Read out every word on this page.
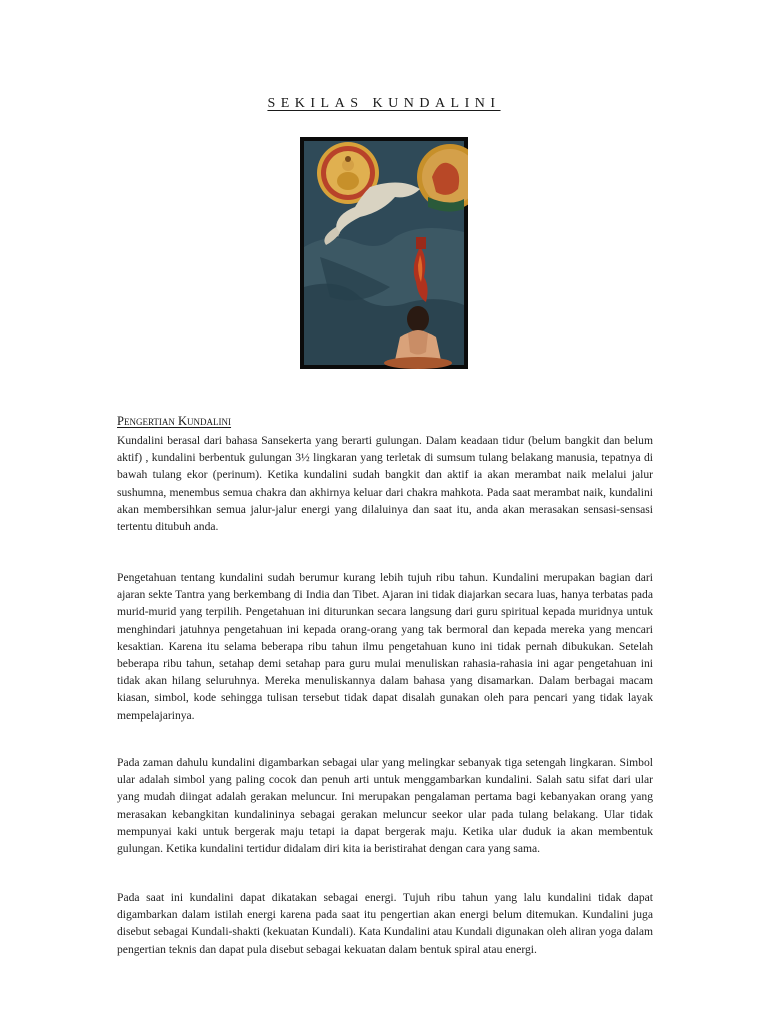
SEKILAS KUNDALINI
Pengertian Kundalini

Kundalini berasal dari bahasa Sansekerta yang berarti gulungan. Dalam keadaan tidur (belum bangkit dan belum aktif) , kundalini berbentuk gulungan 3½ lingkaran yang terletak di sumsum tulang belakang manusia, tepatnya di bawah tulang ekor (perinum). Ketika kundalini sudah bangkit dan aktif ia akan merambat naik melalui jalur sushumna, menembus semua chakra dan akhirnya keluar dari chakra mahkota. Pada saat merambat naik, kundalini akan membersihkan semua jalur-jalur energi yang dilaluinya dan saat itu, anda akan merasakan sensasi-sensasi tertentu ditubuh anda.

Pengetahuan tentang kundalini sudah berumur kurang lebih tujuh ribu tahun. Kundalini merupakan bagian dari ajaran sekte Tantra yang berkembang di India dan Tibet. Ajaran ini tidak diajarkan secara luas, hanya terbatas pada murid-murid yang terpilih. Pengetahuan ini diturunkan secara langsung dari guru spiritual kepada muridnya untuk menghindari jatuhnya pengetahuan ini kepada orang-orang yang tak bermoral dan kepada mereka yang mencari kesaktian. Karena itu selama beberapa ribu tahun ilmu pengetahuan kuno ini tidak pernah dibukukan. Setelah beberapa ribu tahun, setahap demi setahap para guru mulai menuliskan rahasia-rahasia ini agar pengetahuan ini tidak akan hilang seluruhnya. Mereka menuliskannya dalam bahasa yang disamarkan. Dalam berbagai macam kiasan, simbol, kode sehingga tulisan tersebut tidak dapat disalah gunakan oleh para pencari yang tidak layak mempelajarinya.

Pada zaman dahulu kundalini digambarkan sebagai ular yang melingkar sebanyak tiga setengah lingkaran. Simbol ular adalah simbol yang paling cocok dan penuh arti untuk menggambarkan kundalini. Salah satu sifat dari ular yang mudah diingat adalah gerakan meluncur. Ini merupakan pengalaman pertama bagi kebanyakan orang yang merasakan kebangkitan kundalininya sebagai gerakan meluncur seekor ular pada tulang belakang. Ular tidak mempunyai kaki untuk bergerak maju tetapi ia dapat bergerak maju. Ketika ular duduk ia akan membentuk gulungan. Ketika kundalini tertidur didalam diri kita ia beristirahat dengan cara yang sama.

Pada saat ini kundalini dapat dikatakan sebagai energi. Tujuh ribu tahun yang lalu kundalini tidak dapat digambarkan dalam istilah energi karena pada saat itu pengertian akan energi belum ditemukan. Kundalini juga disebut sebagai Kundali-shakti (kekuatan Kundali). Kata Kundalini atau Kundali digunakan oleh aliran yoga dalam pengertian teknis dan dapat pula disebut sebagai kekuatan dalam bentuk spiral atau energi.
